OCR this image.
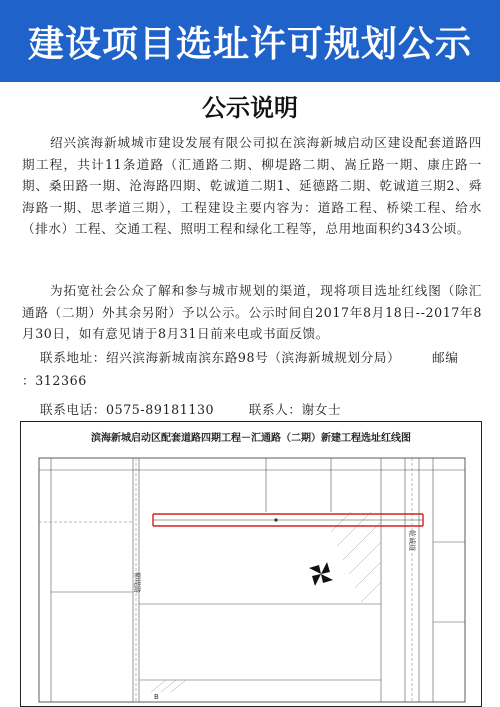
建设项目选址许可规划公示
公示说明
绍兴滨海新城城市建设发展有限公司拟在滨海新城启动区建设配套道路四期工程，共计11条道路（汇通路二期、柳堤路二期、嵩丘路一期、康庄路一期、桑田路一期、沧海路四期、乾诚道二期1、延德路二期、乾诚道三期2、舜海路一期、思孝道三期），工程建设主要内容为：道路工程、桥梁工程、给水（排水）工程、交通工程、照明工程和绿化工程等，总用地面积约343公顷。
为拓宽社会公众了解和参与城市规划的渠道，现将项目选址红线图（除汇通路（二期）外其余另附）予以公示。公示时间自2017年8月18日--2017年8月30日，如有意见请于8月31日前来电或书面反馈。
联系地址：绍兴滨海新城南滨东路98号（滨海新城规划分局）	邮编
：312366
联系电话：0575-89181130	联系人：谢女士
滨海新城启动区配套道路四期工程－汇通路（二期）新建工程选址红线图
柳堤路
乾诚道
B
